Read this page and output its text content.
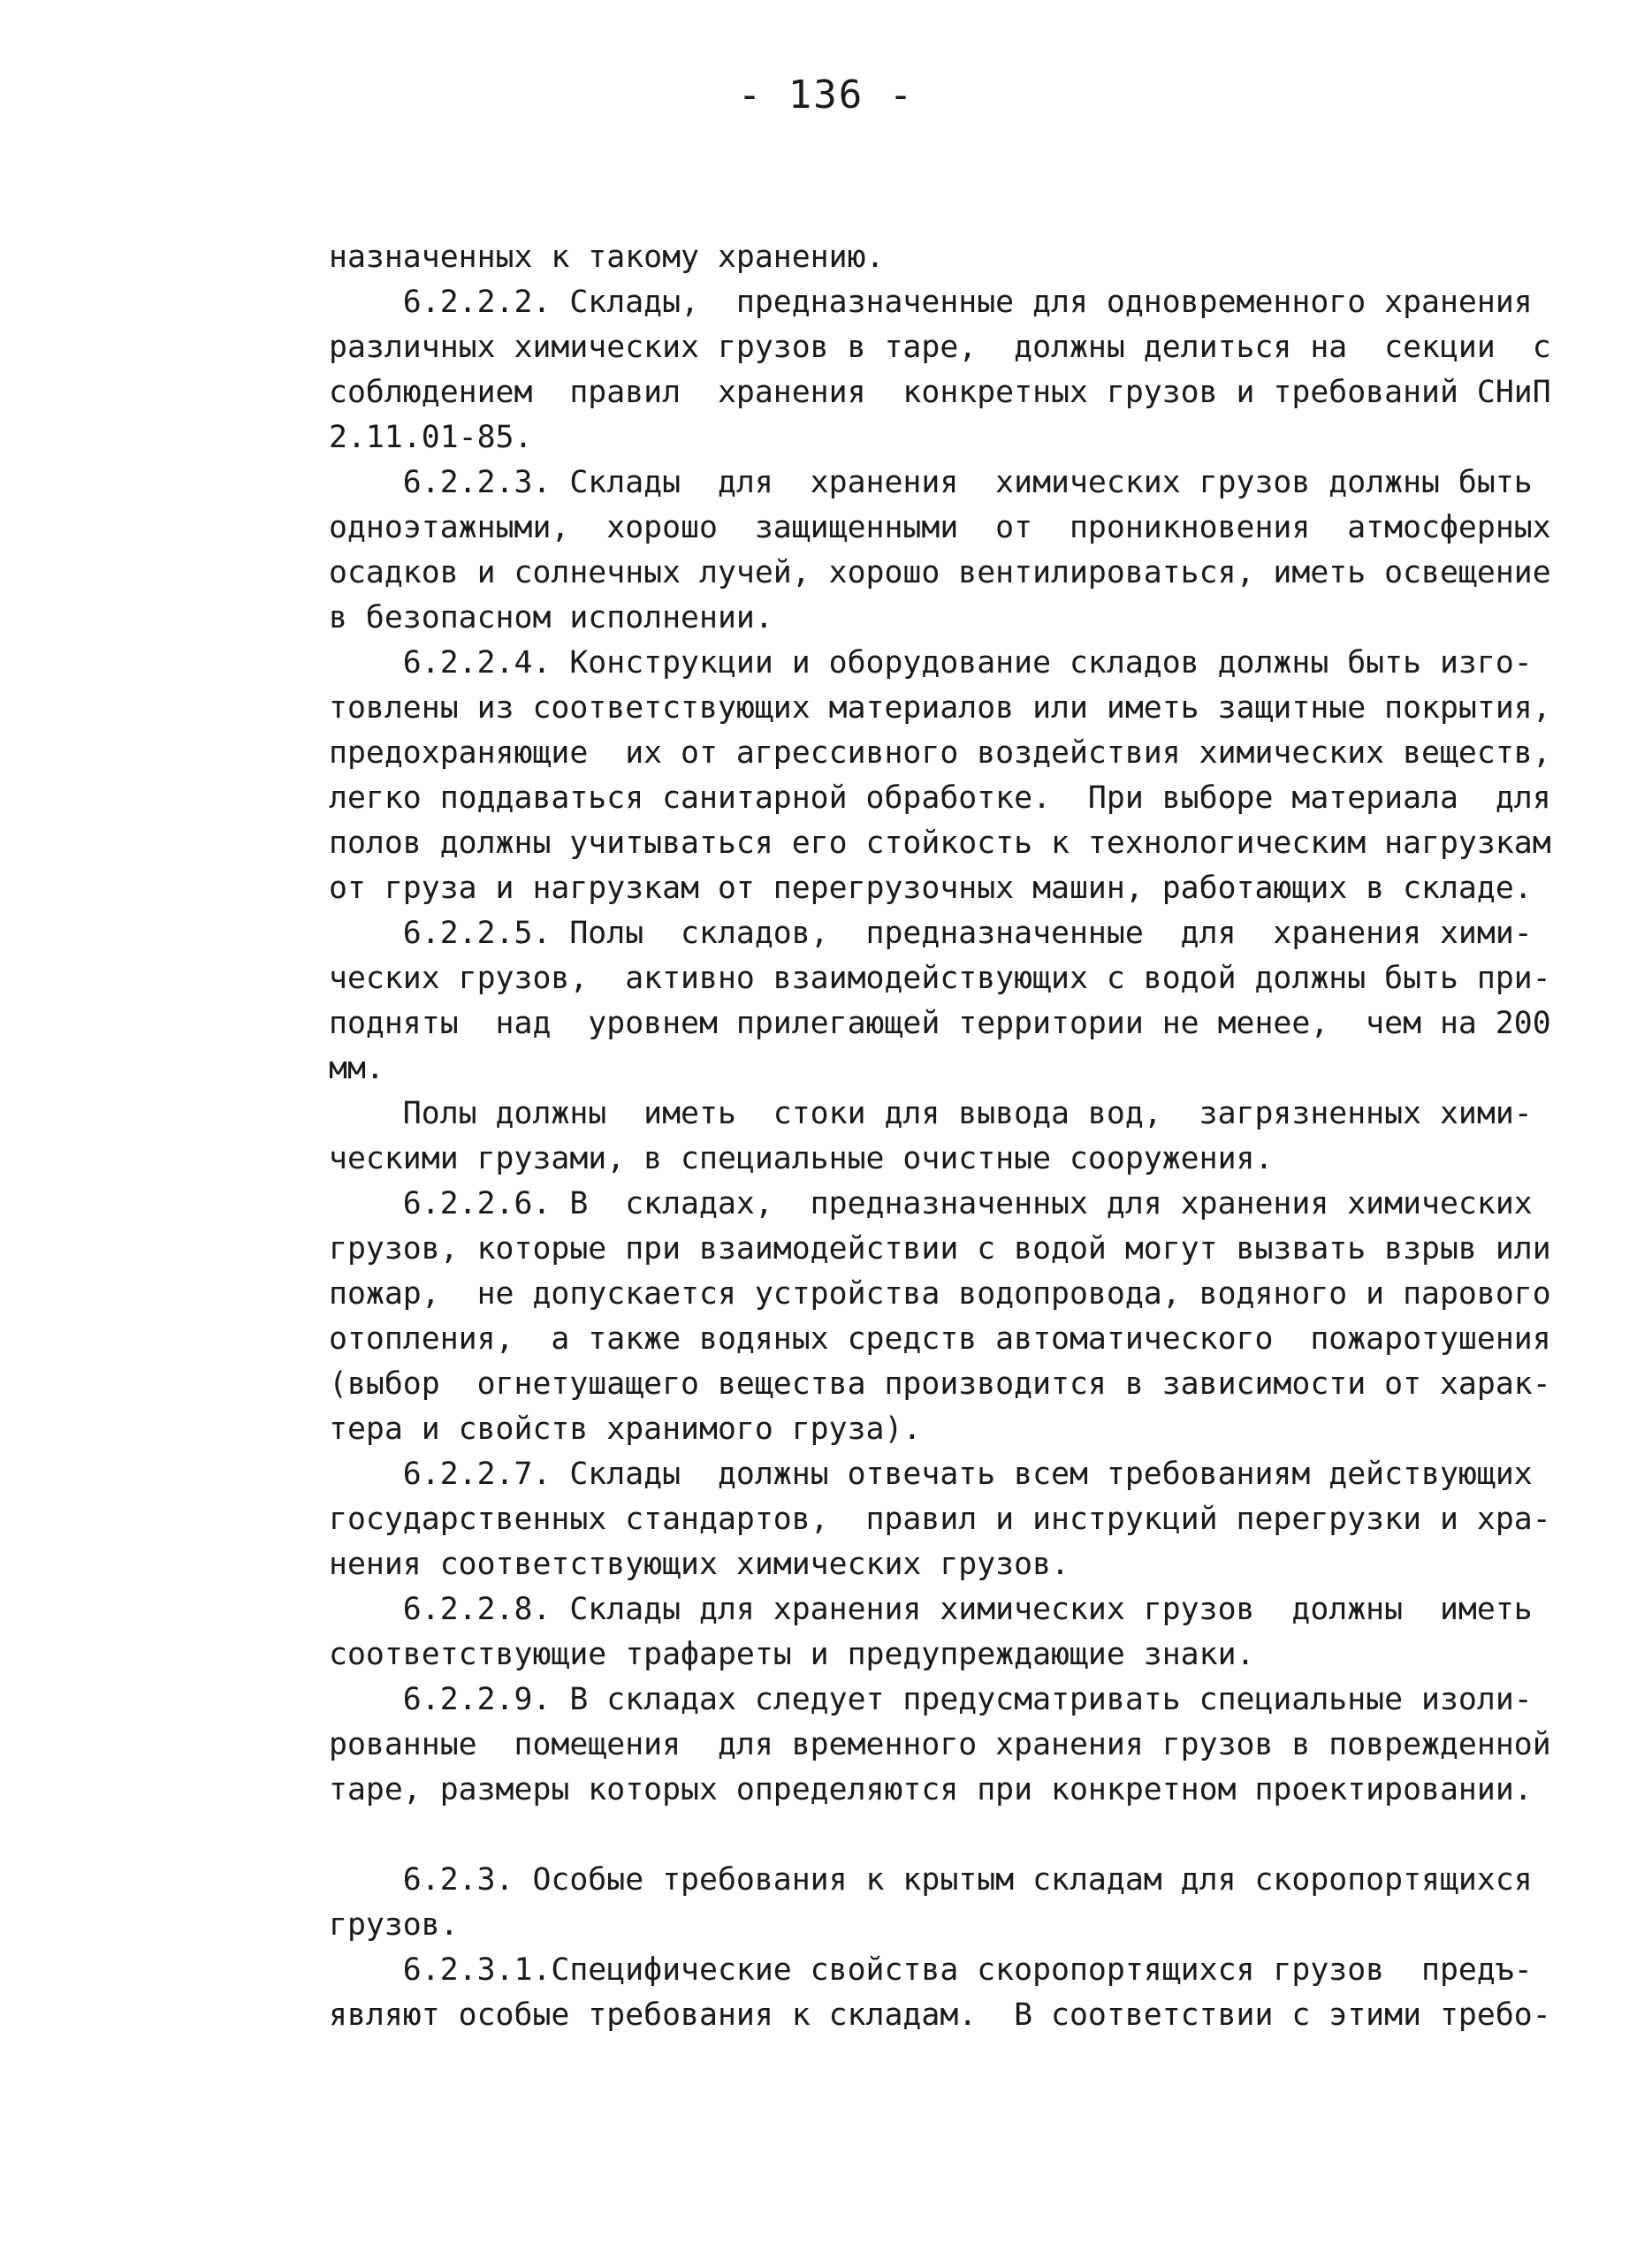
- 136 -
назначенных к такому хранению.
6.2.2.2. Склады,  предназначенные для одновременного хранения
различных химических грузов в таре,  должны делиться на  секции  с
соблюдением  правил  хранения  конкретных грузов и требований СНиП
2.11.01-85.
6.2.2.3. Склады  для  хранения  химических грузов должны быть
одноэтажными,  хорошо  защищенными  от  проникновения  атмосферных
осадков и солнечных лучей, хорошо вентилироваться, иметь освещение
в безопасном исполнении.
6.2.2.4. Конструкции и оборудование складов должны быть изго-
товлены из соответствующих материалов или иметь защитные покрытия,
предохраняющие  их от агрессивного воздействия химических веществ,
легко поддаваться санитарной обработке.  При выборе материала  для
полов должны учитываться его стойкость к технологическим нагрузкам
от груза и нагрузкам от перегрузочных машин, работающих в складе.
6.2.2.5. Полы  складов,  предназначенные  для  хранения хими-
ческих грузов,  активно взаимодействующих с водой должны быть при-
подняты  над  уровнем прилегающей территории не менее,  чем на 200
мм.
Полы должны  иметь  стоки для вывода вод,  загрязненных хими-
ческими грузами, в специальные очистные сооружения.
6.2.2.6. В  складах,  предназначенных для хранения химических
грузов, которые при взаимодействии с водой могут вызвать взрыв или
пожар,  не допускается устройства водопровода, водяного и парового
отопления,  а также водяных средств автоматического  пожаротушения
(выбор  огнетушащего вещества производится в зависимости от харак-
тера и свойств хранимого груза).
6.2.2.7. Склады  должны отвечать всем требованиям действующих
государственных стандартов,  правил и инструкций перегрузки и хра-
нения соответствующих химических грузов.
6.2.2.8. Склады для хранения химических грузов  должны  иметь
соответствующие трафареты и предупреждающие знаки.
6.2.2.9. В складах следует предусматривать специальные изоли-
рованные  помещения  для временного хранения грузов в поврежденной
таре, размеры которых определяются при конкретном проектировании.
6.2.3. Особые требования к крытым складам для скоропортящихся
грузов.
6.2.3.1.Специфические свойства скоропортящихся грузов  предъ-
являют особые требования к складам.  В соответствии с этими требо-
